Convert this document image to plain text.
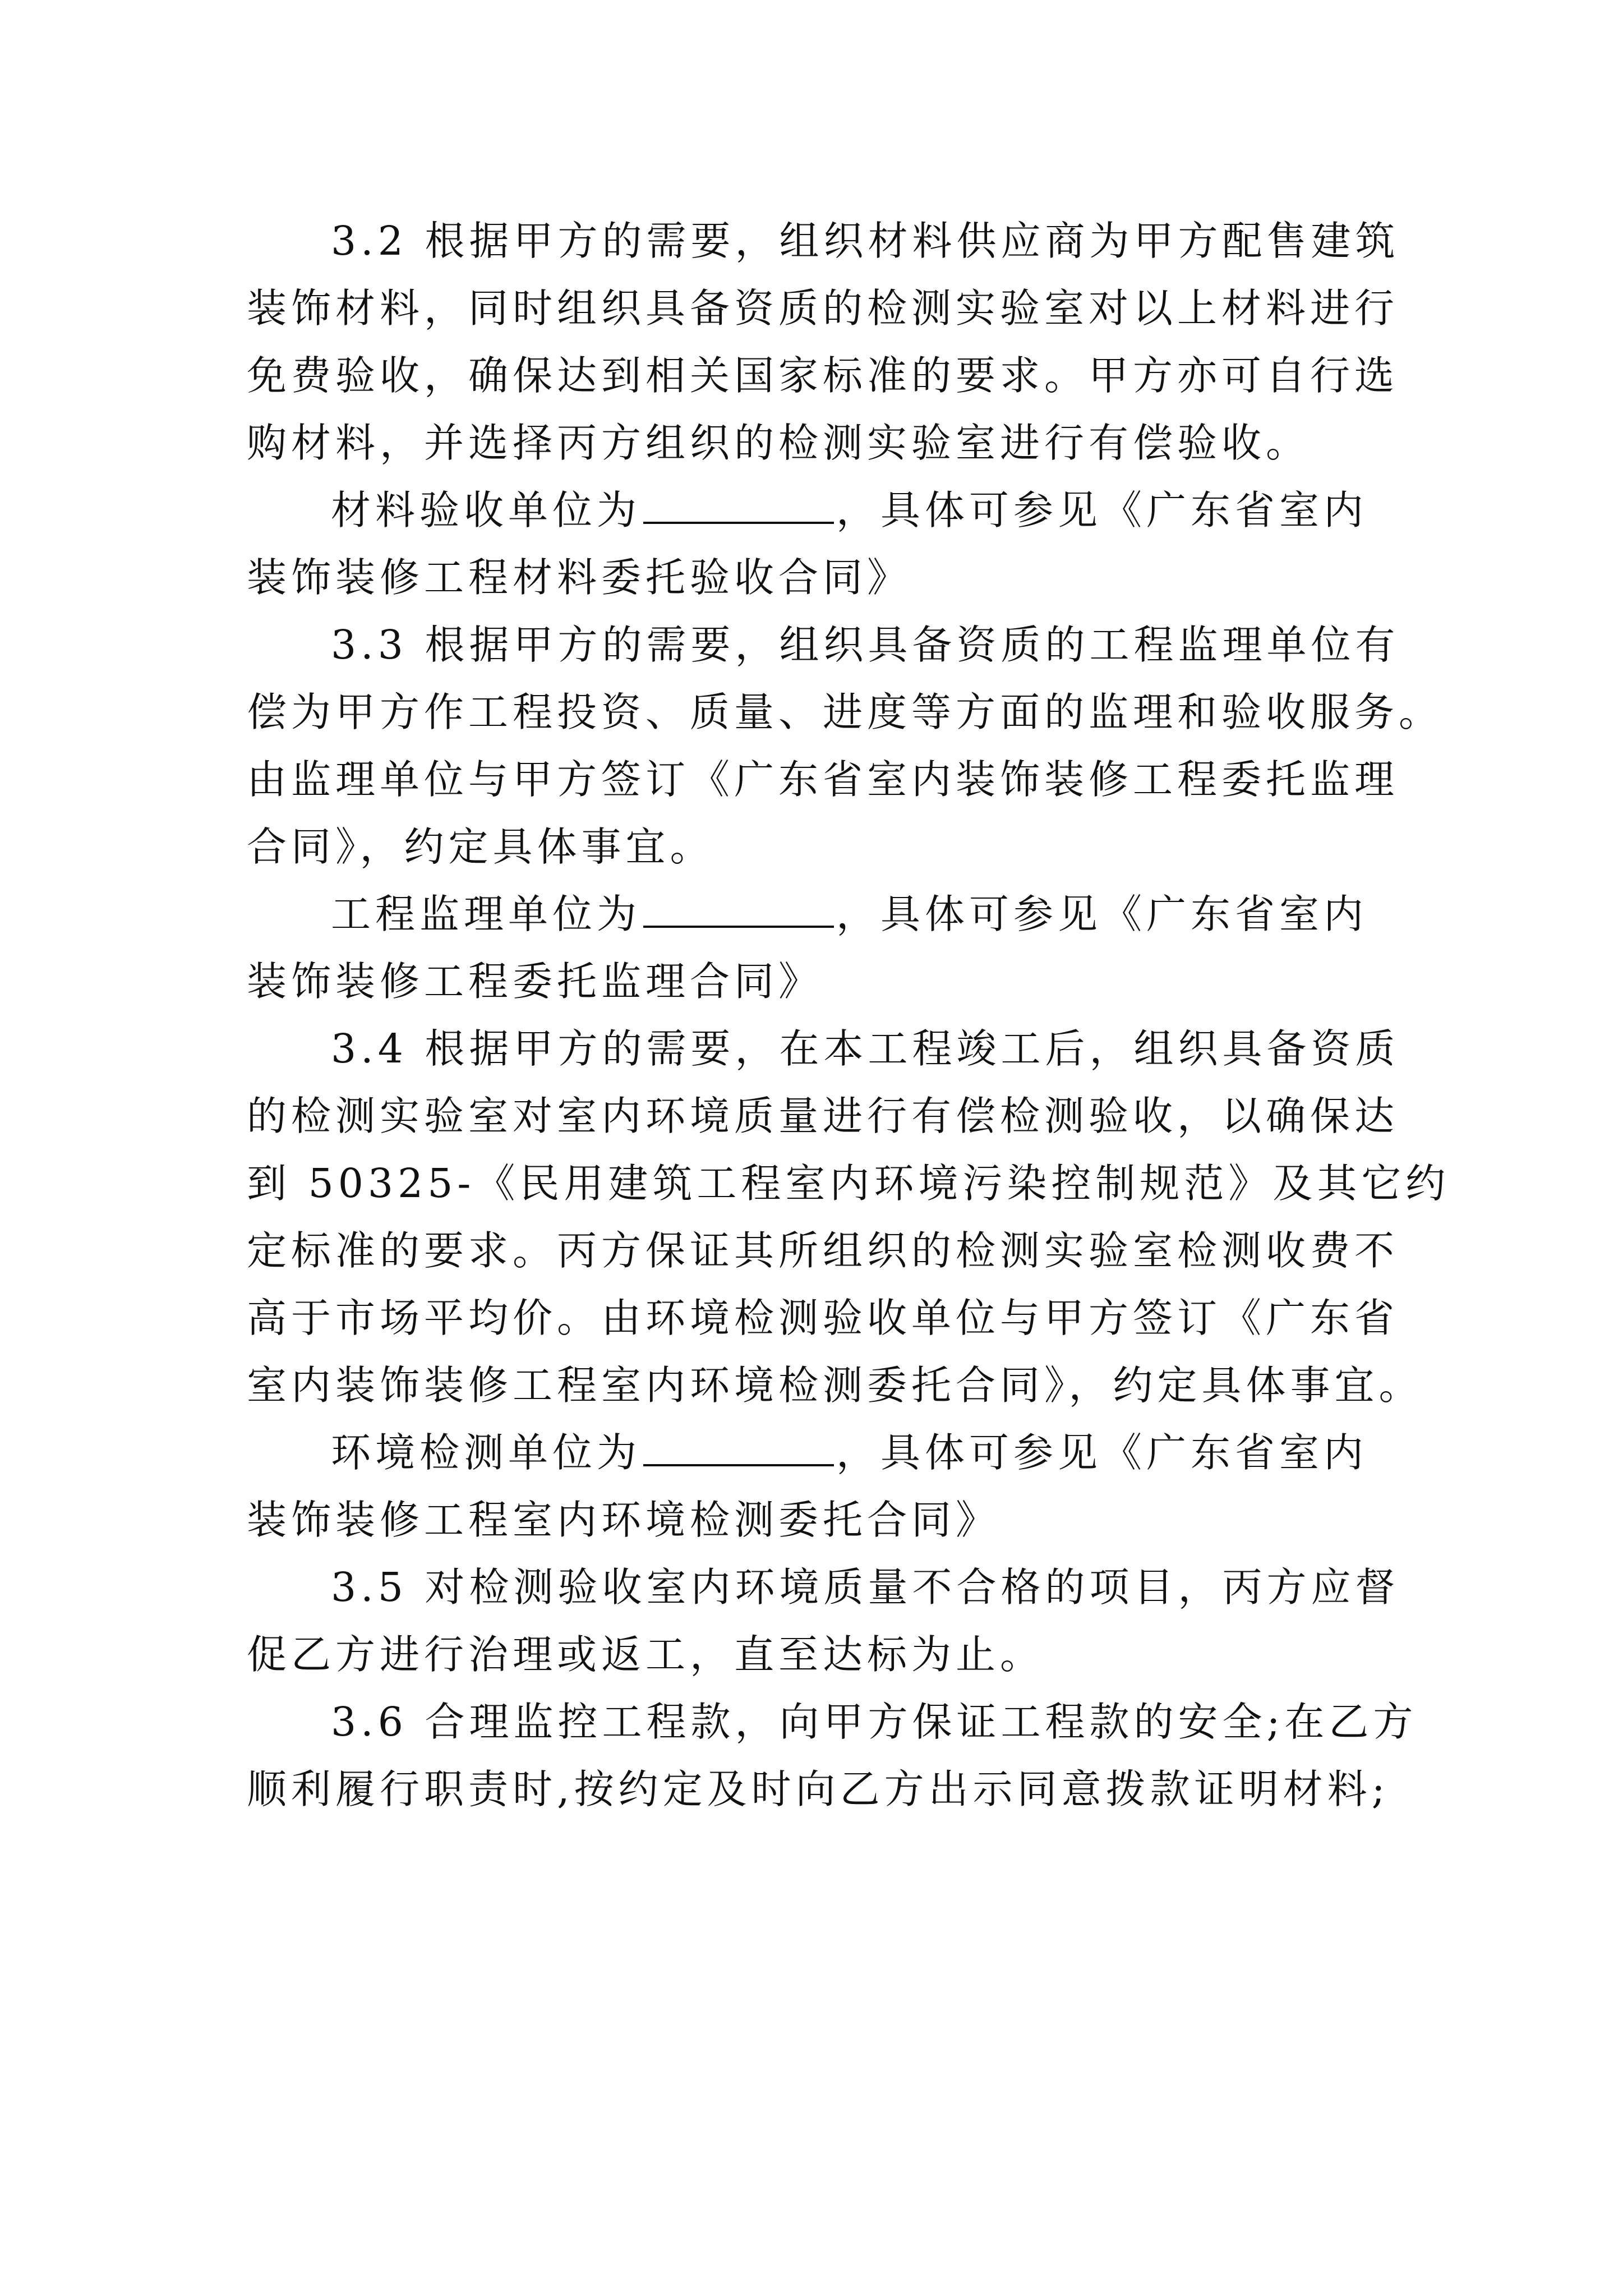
3.2 根据甲方的需要，组织材料供应商为甲方配售建筑
装饰材料，同时组织具备资质的检测实验室对以上材料进行
免费验收，确保达到相关国家标准的要求。甲方亦可自行选
购材料，并选择丙方组织的检测实验室进行有偿验收。
材料验收单位为	，具体可参见《广东省室内
装饰装修工程材料委托验收合同》
3.3 根据甲方的需要，组织具备资质的工程监理单位有
偿为甲方作工程投资、质量、进度等方面的监理和验收服务。
由监理单位与甲方签订《广东省室内装饰装修工程委托监理
合同》，约定具体事宜。
工程监理单位为	，具体可参见《广东省室内
装饰装修工程委托监理合同》
3.4 根据甲方的需要，在本工程竣工后，组织具备资质
的检测实验室对室内环境质量进行有偿检测验收，以确保达
到 50325-《民用建筑工程室内环境污染控制规范》及其它约
定标准的要求。丙方保证其所组织的检测实验室检测收费不
高于市场平均价。由环境检测验收单位与甲方签订《广东省
室内装饰装修工程室内环境检测委托合同》，约定具体事宜。
环境检测单位为	，具体可参见《广东省室内
装饰装修工程室内环境检测委托合同》
3.5 对检测验收室内环境质量不合格的项目，丙方应督
促乙方进行治理或返工，直至达标为止。
3.6 合理监控工程款，向甲方保证工程款的安全;在乙方
顺利履行职责时,按约定及时向乙方出示同意拨款证明材料;
